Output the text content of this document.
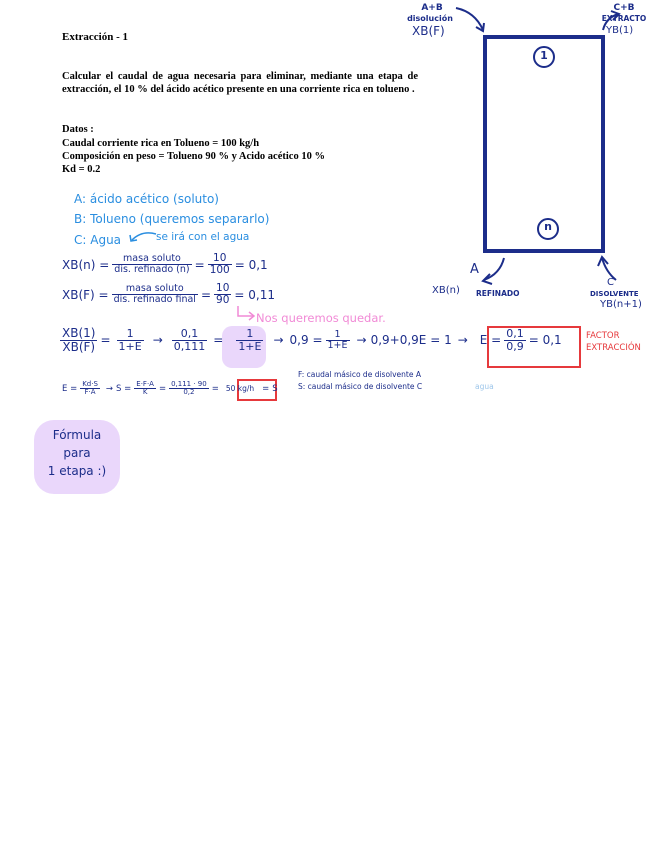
Extracción - 1
Calcular el caudal de agua necesaria para eliminar, mediante una etapa de extracción, el 10 % del ácido acético presente en una corriente rica en tolueno .
Datos :
Caudal corriente rica en Tolueno = 100 kg/h
Composición en peso = Tolueno 90 % y Acido acético 10 %
Kd = 0.2
1
n
A+B
disolución
XB(F)
C+B
EXTRACTO
YB(1)
A
XB(n) REFINADO
C
DISOLVENTE
YB(n+1)
A: ácido acético (soluto)
B: Tolueno (queremos separarlo)
C: Agua	se irá con el agua
$XB(n) = \frac{\text{masa soluto}}{\text{dis. refinado (n)}} = \frac{10}{100} = 0,1$
$XB(F) = \frac{\text{masa soluto}}{\text{dis. refinado final}} = \frac{10}{90} = 0,11$
Nos queremos quedar.
$\frac{XB(1)}{XB(F)} = \frac{1}{1+E} \to \frac{0,1}{0,111} = \frac{1}{1+E} \to 0,9 = \frac{1}{1+E} \to 0,9+0,9E = 1 \to E = \frac{0,1}{0,9} = 0,1$	FACTOR
EXTRACCIÓN
$E = \frac{Kd\cdot S}{F\cdot A} \to S = \frac{E\cdot F\cdot A}{K} = \frac{0,111 \cdot 90}{0,2} = 50$ kg/h = S
F: caudal másico de disolvente A
S: caudal másico de disolvente C	agua
Fórmula
para
1 etapa :)
